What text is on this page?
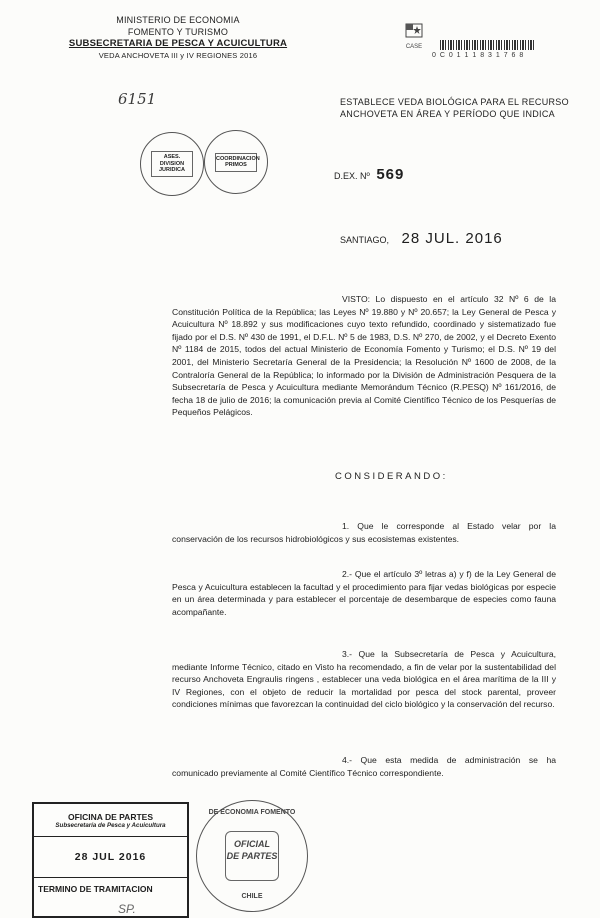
MINISTERIO DE ECONOMIA
FOMENTO Y TURISMO
SUBSECRETARIA DE PESCA Y ACUICULTURA
VEDA ANCHOVETA III y IV REGIONES 2016
CASE
0 C 0 1 1 1 8 3 1 7 6 8
6151
ASES. DIVISION JURIDICA
COORDINACION PRIMOS
ESTABLECE VEDA BIOLÓGICA PARA EL RECURSO ANCHOVETA EN ÁREA Y PERÍODO QUE INDICA
D.EX. Nº 569
SANTIAGO, 28 JUL. 2016
VISTO: Lo dispuesto en el artículo 32 Nº 6 de la Constitución Política de la República; las Leyes Nº 19.880 y Nº 20.657; la Ley General de Pesca y Acuicultura Nº 18.892 y sus modificaciones cuyo texto refundido, coordinado y sistematizado fue fijado por el D.S. Nº 430 de 1991, el D.F.L. Nº 5 de 1983, D.S. Nº 270, de 2002, y el Decreto Exento Nº 1184 de 2015, todos del actual Ministerio de Economía Fomento y Turismo; el D.S. Nº 19 del 2001, del Ministerio Secretaría General de la Presidencia; la Resolución Nº 1600 de 2008, de la Contraloría General de la República; lo informado por la División de Administración Pesquera de la Subsecretaría de Pesca y Acuicultura mediante Memorándum Técnico (R.PESQ) Nº 161/2016, de fecha 18 de julio de 2016; la comunicación previa al Comité Científico Técnico de los Pesquerías de Pequeños Pelágicos.
CONSIDERANDO:
1. Que le corresponde al Estado velar por la conservación de los recursos hidrobiológicos y sus ecosistemas existentes.
2.- Que el artículo 3º letras a) y f) de la Ley General de Pesca y Acuicultura establecen la facultad y el procedimiento para fijar vedas biológicas por especie en un área determinada y para establecer el porcentaje de desembarque de especies como fauna acompañante.
3.- Que la Subsecretaría de Pesca y Acuicultura, mediante Informe Técnico, citado en Visto ha recomendado, a fin de velar por la sustentabilidad del recurso Anchoveta Engraulis ringens , establecer una veda biológica en el área marítima de la III y IV Regiones, con el objeto de reducir la mortalidad por pesca del stock parental, proveer condiciones mínimas que favorezcan la continuidad del ciclo biológico y la conservación del recurso.
4.- Que esta medida de administración se ha comunicado previamente al Comité Científico Técnico correspondiente.
OFICINA DE PARTES
Subsecretaría de Pesca y Acuicultura
28 JUL 2016
TERMINO DE TRAMITACION
DE ECONOMIA FOMENTO
OFICIAL
DE PARTES
CHILE
SP.
